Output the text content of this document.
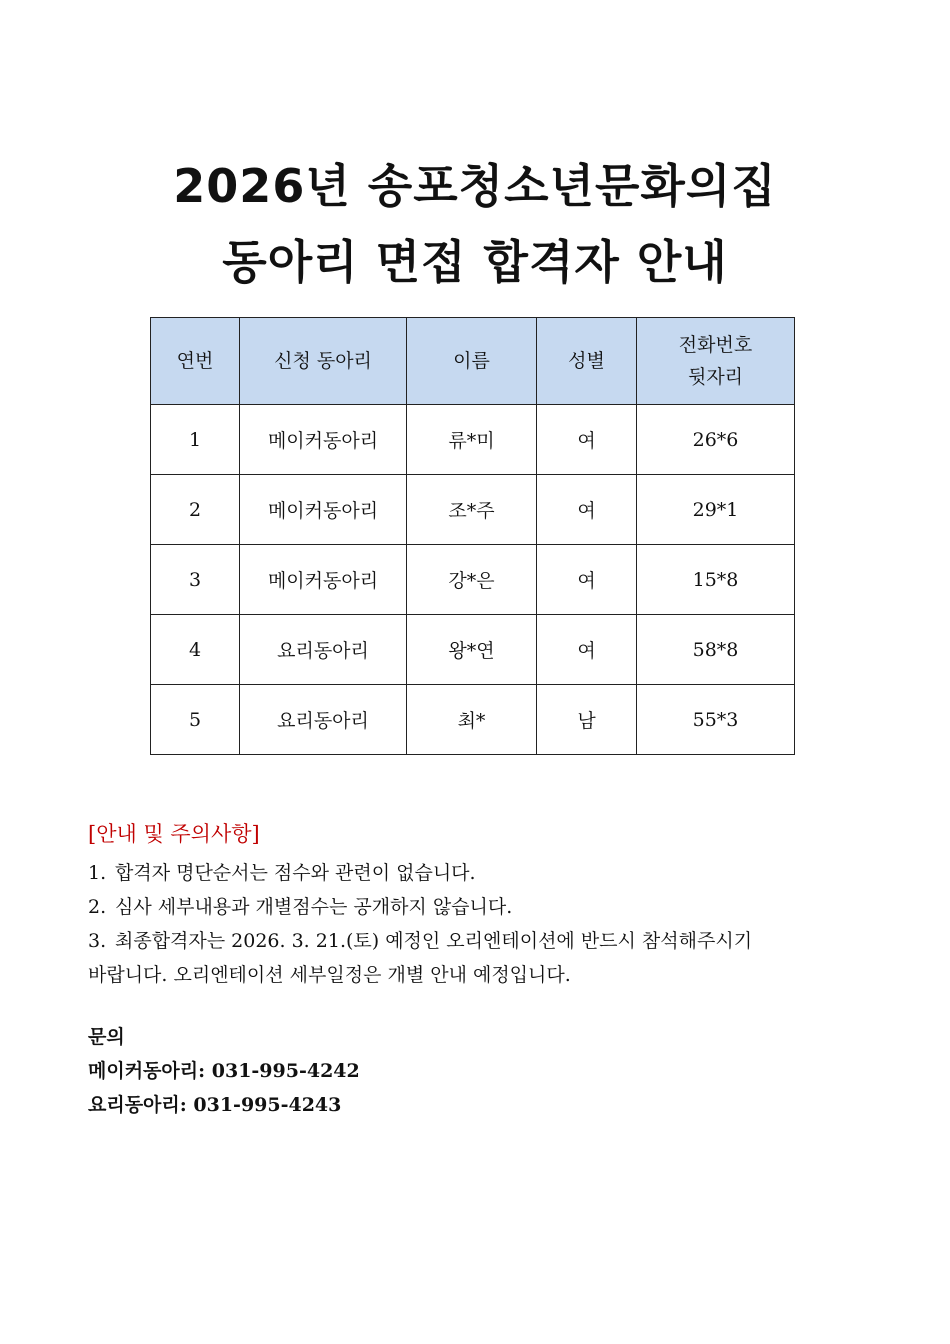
2026년 송포청소년문화의집
동아리 면접 합격자 안내
연번	신청 동아리	이름	성별	전화번호
뒷자리
1	메이커동아리	류*미	여	26*6
2	메이커동아리	조*주	여	29*1
3	메이커동아리	강*은	여	15*8
4	요리동아리	왕*연	여	58*8
5	요리동아리	최*	남	55*3
[안내 및 주의사항]
1. 합격자 명단순서는 점수와 관련이 없습니다.
2. 심사 세부내용과 개별점수는 공개하지 않습니다.
3. 최종합격자는 2026. 3. 21.(토) 예정인 오리엔테이션에 반드시 참석해주시기
바랍니다. 오리엔테이션 세부일정은 개별 안내 예정입니다.
문의
메이커동아리: 031-995-4242
요리동아리: 031-995-4243
